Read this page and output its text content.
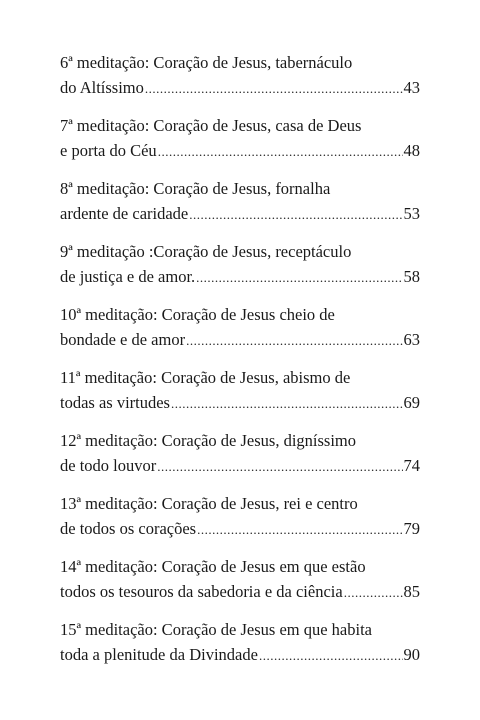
6ª meditação: Coração de Jesus, tabernáculo
do Altíssimo .....	43
7ª meditação: Coração de Jesus, casa de Deus
e porta do Céu .....	48
8ª meditação: Coração de Jesus, fornalha
ardente de caridade .....	53
9ª meditação :Coração de Jesus, receptáculo
de justiça e de amor. .....	58
10ª meditação: Coração de Jesus cheio de
bondade e de amor .....	63
11ª meditação: Coração de Jesus, abismo de
todas as virtudes .....	69
12ª meditação: Coração de Jesus, digníssimo
de todo louvor .....	74
13ª meditação: Coração de Jesus, rei e centro
de todos os corações .....	79
14ª meditação: Coração de Jesus em que estão
todos os tesouros da sabedoria e da ciência .....	85
15ª meditação: Coração de Jesus em que habita
toda a plenitude da Divindade .....	90
